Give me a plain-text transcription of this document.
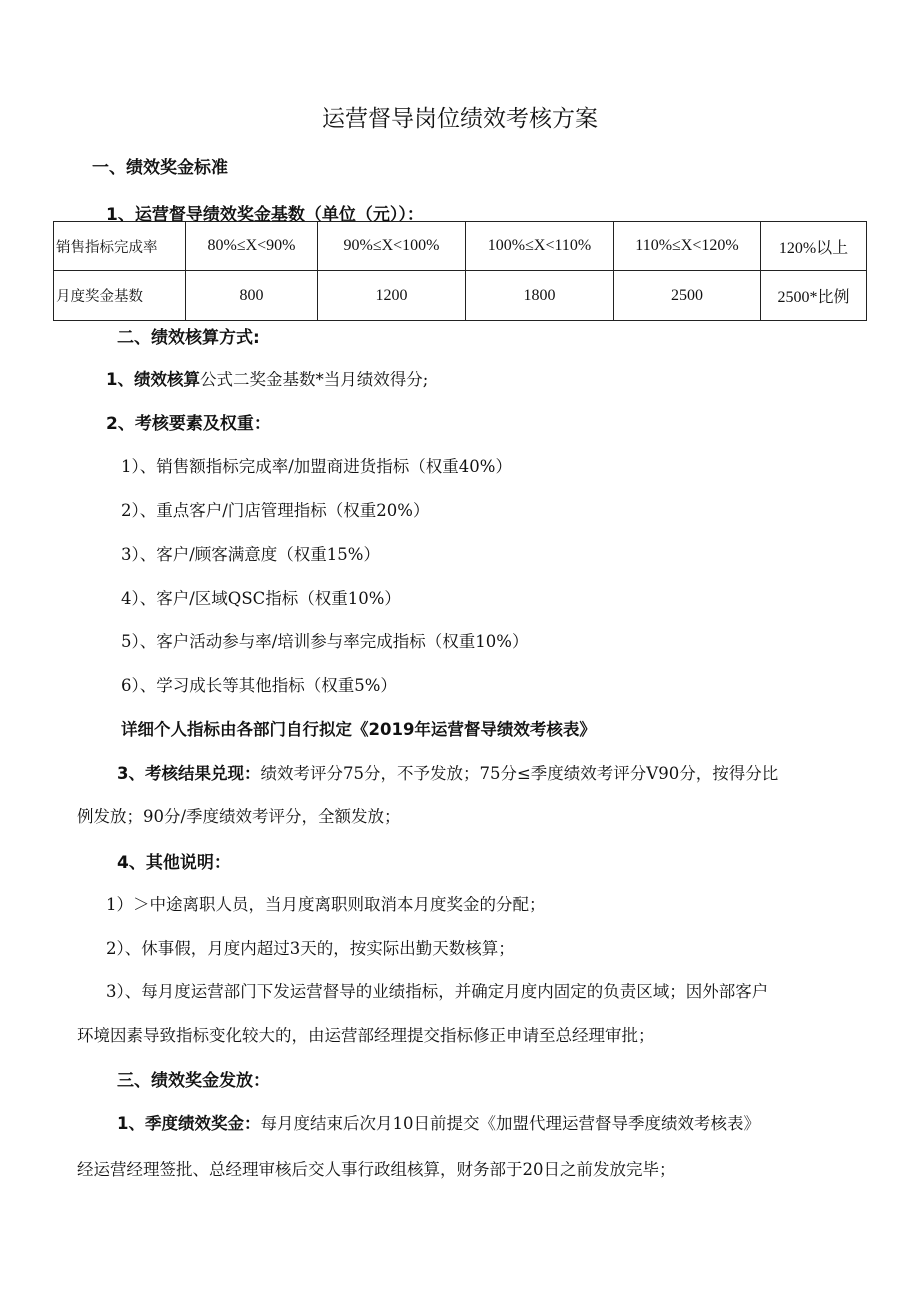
运营督导岗位绩效考核方案
一、绩效奖金标准
1、运营督导绩效奖金基数（单位（元））：
销售指标完成率	80%≤X<90%	90%≤X<100%	100%≤X<110%	110%≤X<120%	120%以上
月度奖金基数	800	1200	1800	2500	2500*比例
二、绩效核算方式:
1、绩效核算公式二奖金基数*当月绩效得分;
2、考核要素及权重：
1）、销售额指标完成率/加盟商进货指标（权重40%）
2）、重点客户/门店管理指标（权重20%）
3）、客户/顾客满意度（权重15%）
4）、客户/区域QSC指标（权重10%）
5）、客户活动参与率/培训参与率完成指标（权重10%）
6）、学习成长等其他指标（权重5%）
详细个人指标由各部门自行拟定《2019年运营督导绩效考核表》
3、考核结果兑现：绩效考评分75分，不予发放；75分≤季度绩效考评分V90分，按得分比
例发放；90分/季度绩效考评分，全额发放；
4、其他说明：
1）＞中途离职人员，当月度离职则取消本月度奖金的分配；
2）、休事假，月度内超过3天的，按实际出勤天数核算；
3）、每月度运营部门下发运营督导的业绩指标，并确定月度内固定的负责区域；因外部客户
环境因素导致指标变化较大的，由运营部经理提交指标修正申请至总经理审批；
三、绩效奖金发放：
1、季度绩效奖金：每月度结束后次月10日前提交《加盟代理运营督导季度绩效考核表》
经运营经理签批、总经理审核后交人事行政组核算，财务部于20日之前发放完毕；
